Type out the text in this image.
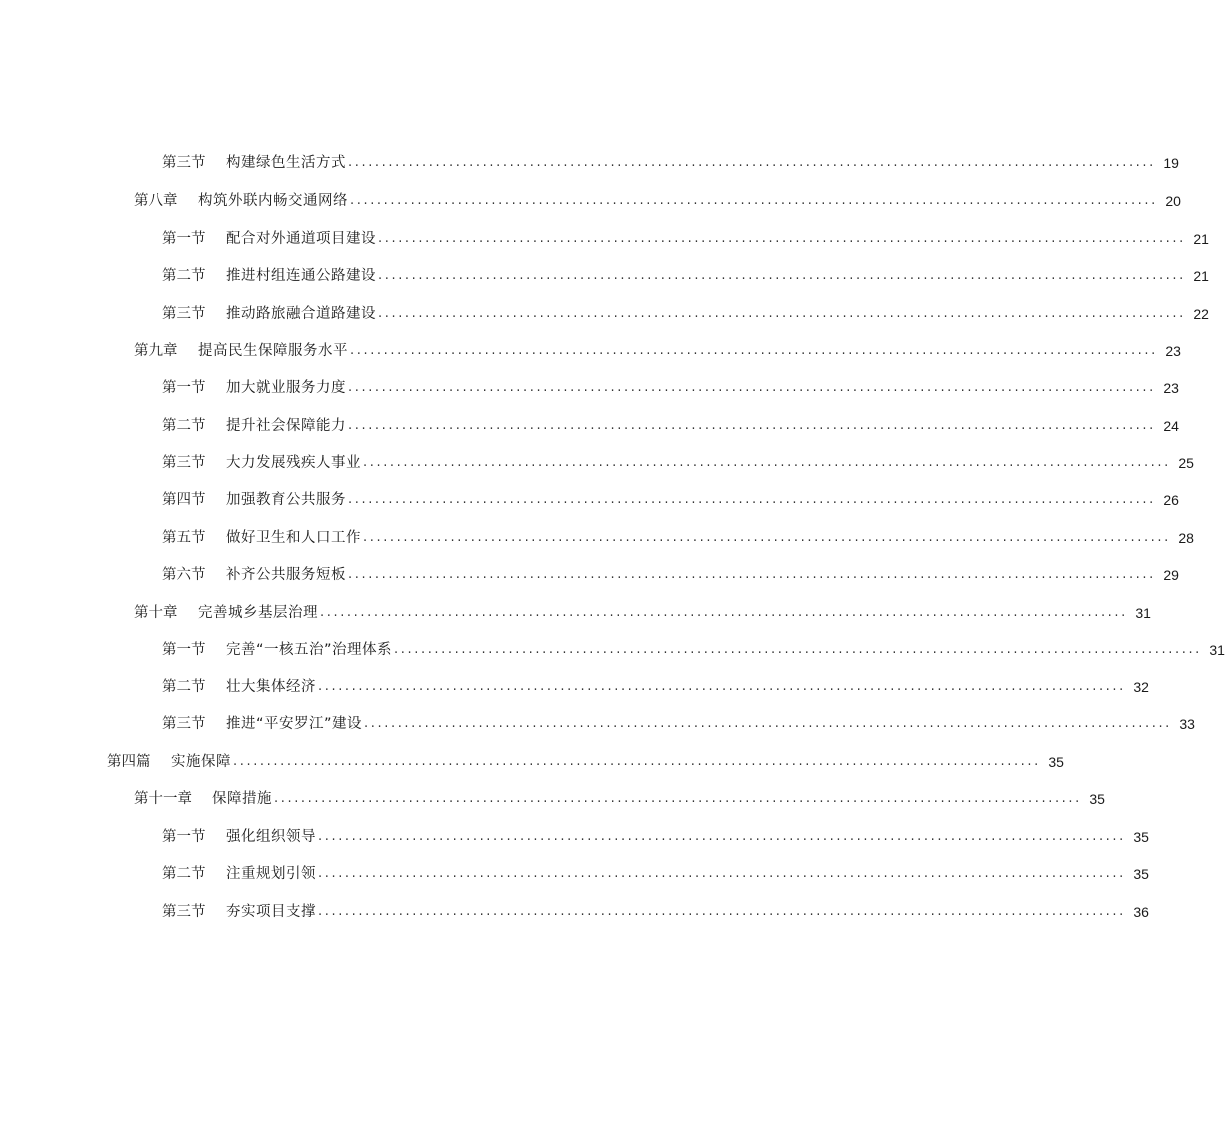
第三节	构建绿色生活方式 ........................................................................................................................ 19
第八章	构筑外联内畅交通网络 ........................................................................................................................ 20
第一节	配合对外通道项目建设 ........................................................................................................................ 21
第二节	推进村组连通公路建设 ........................................................................................................................ 21
第三节	推动路旅融合道路建设 ........................................................................................................................ 22
第九章	提高民生保障服务水平 ........................................................................................................................ 23
第一节	加大就业服务力度 ........................................................................................................................ 23
第二节	提升社会保障能力 ........................................................................................................................ 24
第三节	大力发展残疾人事业 ........................................................................................................................ 25
第四节	加强教育公共服务 ........................................................................................................................ 26
第五节	做好卫生和人口工作 ........................................................................................................................ 28
第六节	补齐公共服务短板 ........................................................................................................................ 29
第十章	完善城乡基层治理 ........................................................................................................................ 31
第一节	完善“一核五治”治理体系 ........................................................................................................................ 31
第二节	壮大集体经济 ........................................................................................................................ 32
第三节	推进“平安罗江”建设 ........................................................................................................................ 33
第四篇	实施保障 ........................................................................................................................ 35
第十一章	保障措施 ........................................................................................................................ 35
第一节	强化组织领导 ........................................................................................................................ 35
第二节	注重规划引领 ........................................................................................................................ 35
第三节	夯实项目支撑 ........................................................................................................................ 36
